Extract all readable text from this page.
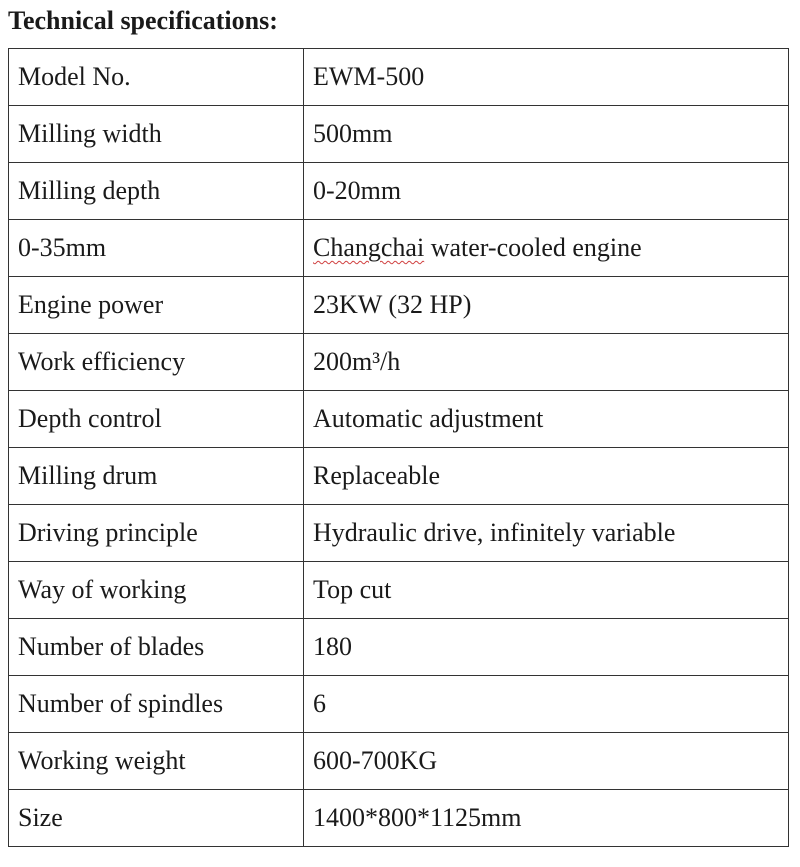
Technical specifications:
Model No.	EWM-500
Milling width	500mm
Milling depth	0-20mm
0-35mm	Changchai water-cooled engine
Engine power	23KW (32 HP)
Work efficiency	200m³/h
Depth control	Automatic adjustment
Milling drum	Replaceable
Driving principle	Hydraulic drive, infinitely variable
Way of working	Top cut
Number of blades	180
Number of spindles	6
Working weight	600-700KG
Size	1400*800*1125mm
